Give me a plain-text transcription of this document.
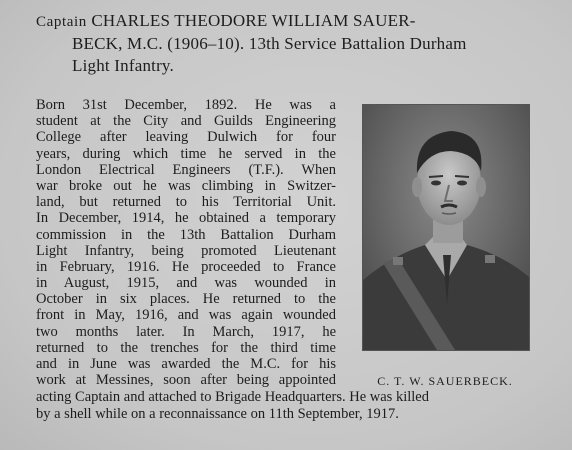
Captain CHARLES THEODORE WILLIAM SAUER-
BECK, M.C. (1906–10). 13th Service Battalion Durham
Light Infantry.
Born 31st December, 1892. He was a
student at the City and Guilds Engineering
College after leaving Dulwich for four
years, during which time he served in the
London Electrical Engineers (T.F.). When
war broke out he was climbing in Switzer-
land, but returned to his Territorial Unit.
In December, 1914, he obtained a temporary
commission in the 13th Battalion Durham
Light Infantry, being promoted Lieutenant
in February, 1916. He proceeded to France
in August, 1915, and was wounded in
October in six places. He returned to the
front in May, 1916, and was again wounded
two months later. In March, 1917, he
returned to the trenches for the third time
and in June was awarded the M.C. for his
work at Messines, soon after being appointed	C. T. W. SAUERBECK.
acting Captain and attached to Brigade Headquarters. He was killed
by a shell while on a reconnaissance on 11th September, 1917.
